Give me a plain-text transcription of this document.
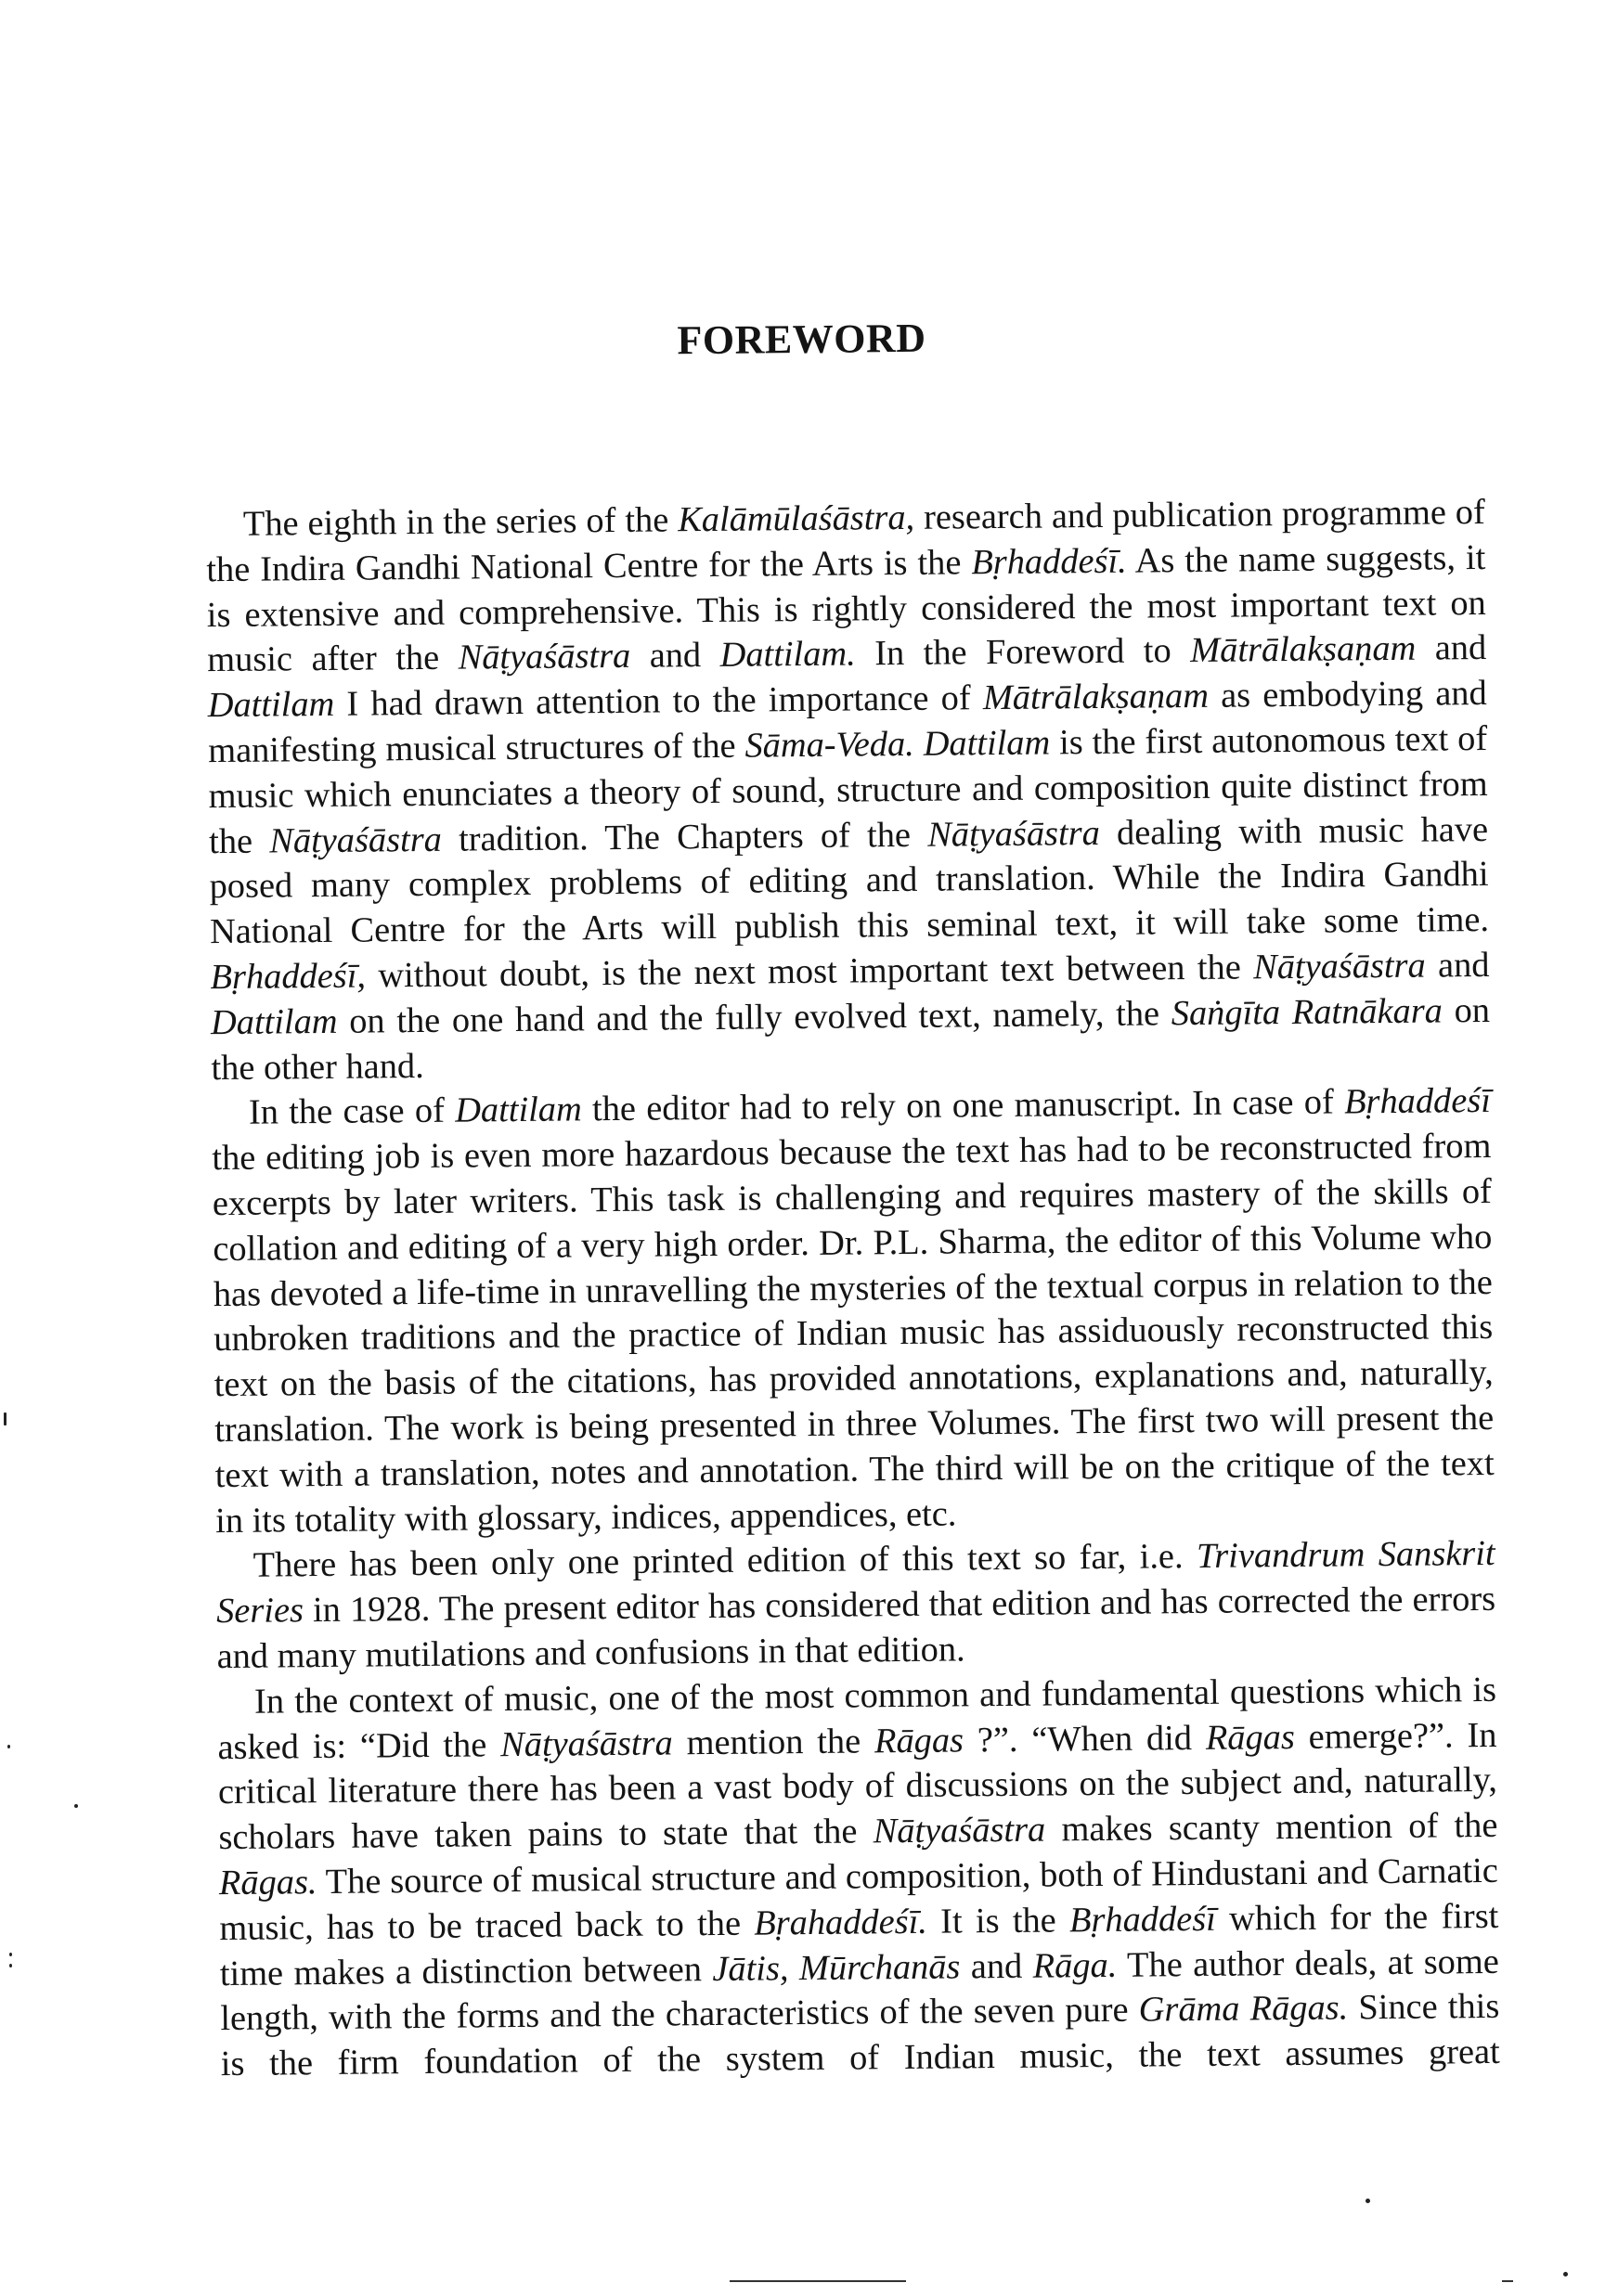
FOREWORD

The eighth in the series of the Kalāmūlaśāstra, research and publication programme of the Indira Gandhi National Centre for the Arts is the Bṛhaddeśī. As the name suggests, it is extensive and comprehensive. This is rightly considered the most important text on music after the Nāṭyaśāstra and Dattilam. In the Foreword to Mātrālakṣaṇam and Dattilam I had drawn attention to the importance of Mātrālakṣaṇam as embodying and manifesting musical structures of the Sāma-Veda. Dattilam is the first autonomous text of music which enunciates a theory of sound, structure and composition quite distinct from the Nāṭyaśāstra tradition. The Chapters of the Nāṭyaśāstra dealing with music have posed many complex problems of editing and translation. While the Indira Gandhi National Centre for the Arts will publish this seminal text, it will take some time. Bṛhaddeśī, without doubt, is the next most important text between the Nāṭyaśāstra and Dattilam on the one hand and the fully evolved text, namely, the Saṅgīta Ratnākara on the other hand.

In the case of Dattilam the editor had to rely on one manuscript. In case of Bṛhaddeśī the editing job is even more hazardous because the text has had to be reconstructed from excerpts by later writers. This task is challenging and requires mastery of the skills of collation and editing of a very high order. Dr. P.L. Sharma, the editor of this Volume who has devoted a life-time in unravelling the mysteries of the textual corpus in relation to the unbroken traditions and the practice of Indian music has assiduously reconstructed this text on the basis of the citations, has provided annotations, explanations and, naturally, translation. The work is being presented in three Volumes. The first two will present the text with a translation, notes and annotation. The third will be on the critique of the text in its totality with glossary, indices, appendices, etc.

There has been only one printed edition of this text so far, i.e. Trivandrum Sanskrit Series in 1928. The present editor has considered that edition and has corrected the errors and many mutilations and confusions in that edition.

In the context of music, one of the most common and fundamental questions which is asked is: “Did the Nāṭyaśāstra mention the Rāgas ?”. “When did Rāgas emerge?”. In critical literature there has been a vast body of discussions on the subject and, naturally, scholars have taken pains to state that the Nāṭyaśāstra makes scanty mention of the Rāgas. The source of musical structure and composition, both of Hindustani and Carnatic music, has to be traced back to the Bṛahaddeśī. It is the Bṛhaddeśī which for the first time makes a distinction between Jātis, Mūrchanās and Rāga. The author deals, at some length, with the forms and the characteristics of the seven pure Grāma Rāgas. Since this is the firm foundation of the system of Indian music, the text assumes great
